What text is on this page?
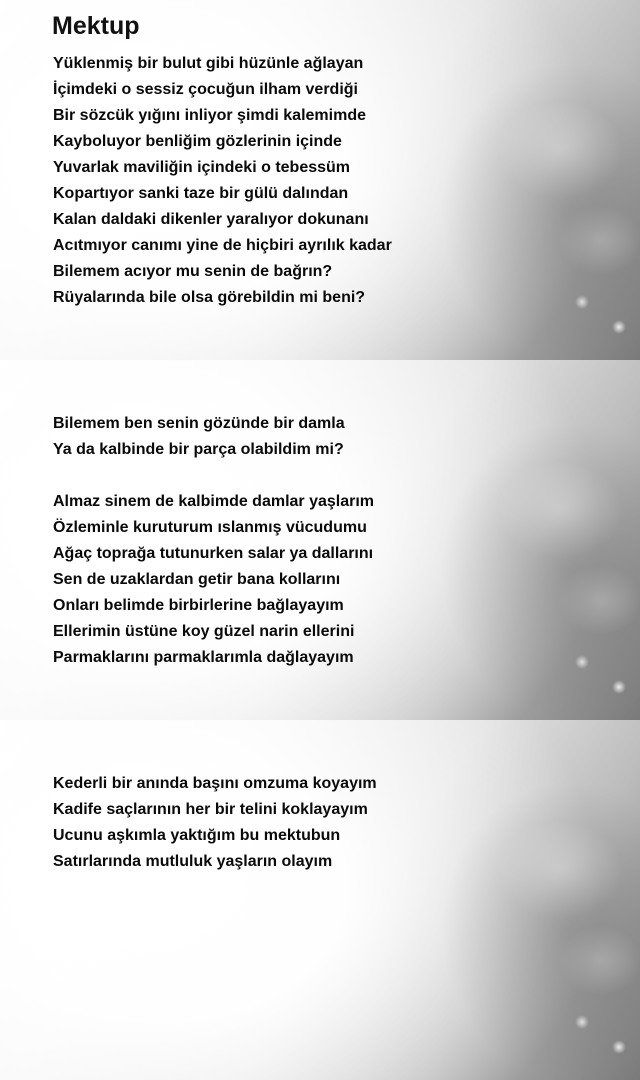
Mektup
Yüklenmiş bir bulut gibi hüzünle ağlayan
İçimdeki o sessiz çocuğun ilham verdiği
Bir sözcük yığını inliyor şimdi kalemimde
Kayboluyor benliğim gözlerinin içinde
Yuvarlak maviliğin içindeki o tebessüm
Kopartıyor sanki taze bir gülü dalından
Kalan daldaki dikenler yaralıyor dokunanı
Acıtmıyor canımı yine de hiçbiri ayrılık kadar
Bilemem acıyor mu senin de bağrın?
Rüyalarında bile olsa görebildin mi beni?
Bilemem ben senin gözünde bir damla
Ya da kalbinde bir parça olabildim mi?
Almaz sinem de kalbimde damlar yaşlarım
Özleminle kuruturum ıslanmış vücudumu
Ağaç toprağa tutunurken salar ya dallarını
Sen de uzaklardan getir bana kollarını
Onları belimde birbirlerine bağlayayım
Ellerimin üstüne koy güzel narin ellerini
Parmaklarını parmaklarımla dağlayayım
Kederli bir anında başını omzuma koyayım
Kadife saçlarının her bir telini koklayayım
Ucunu aşkımla yaktığım bu mektubun
Satırlarında mutluluk yaşların olayım
